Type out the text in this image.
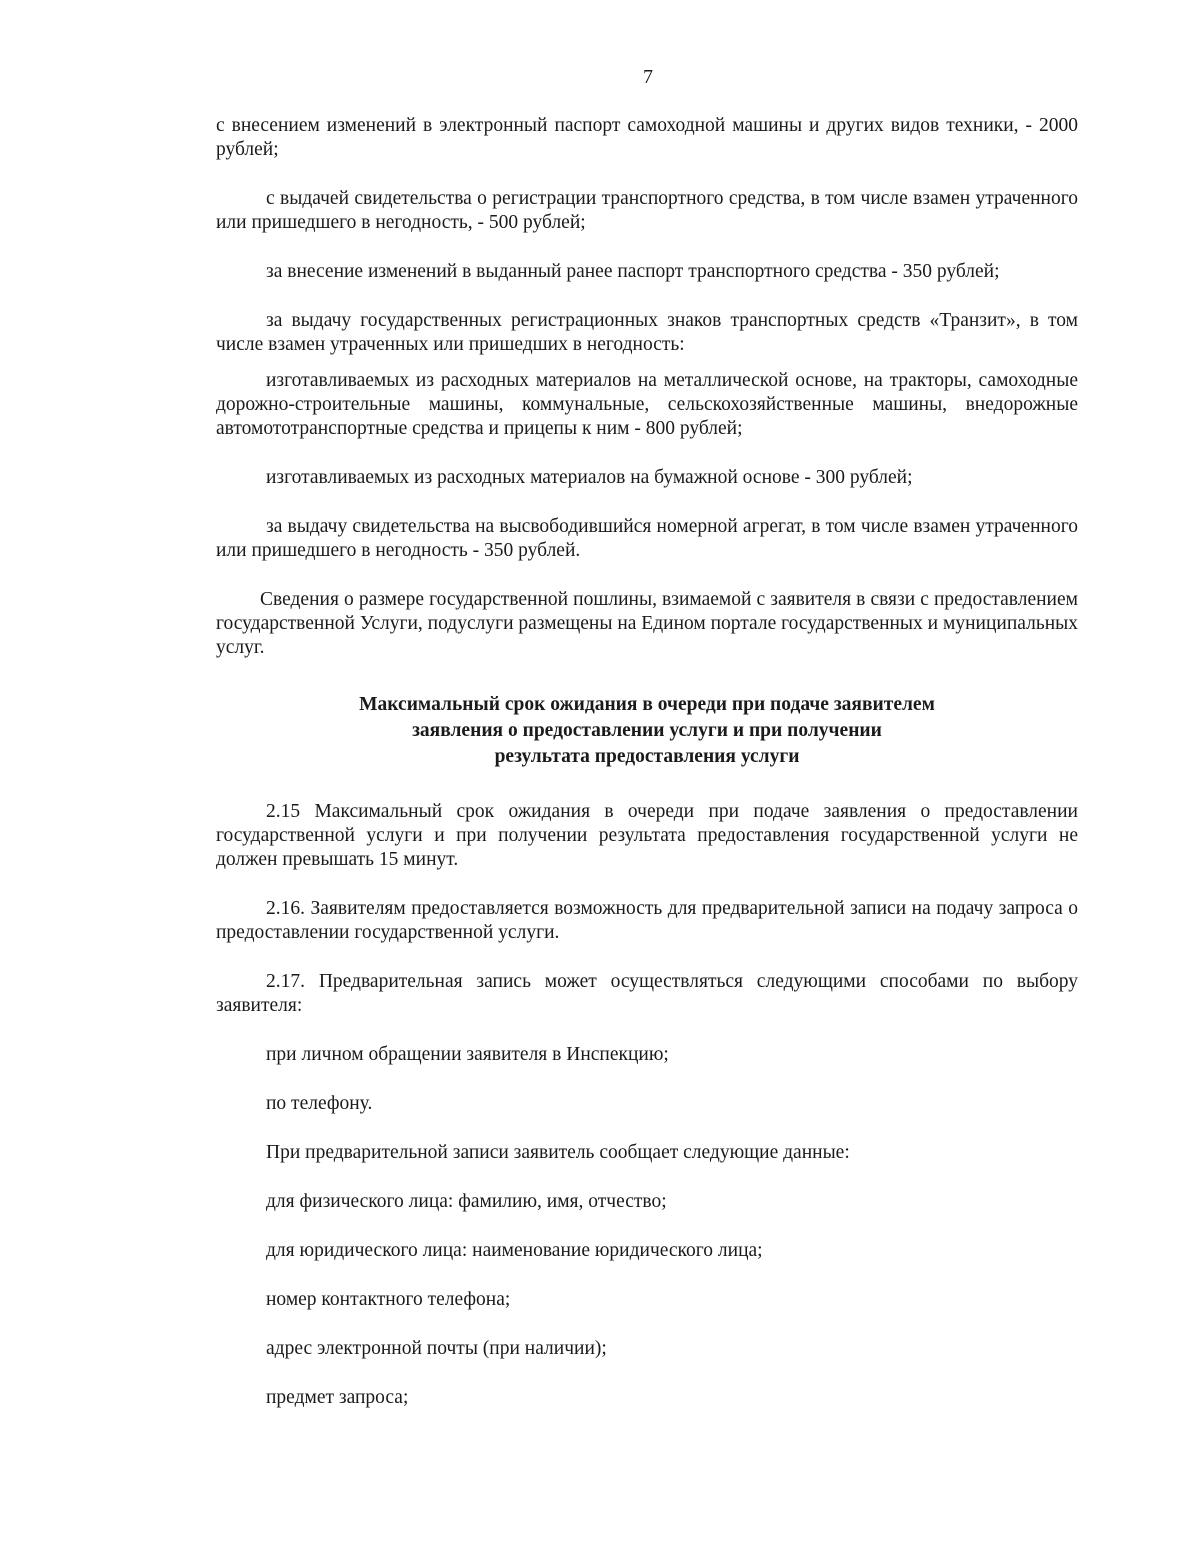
7

с внесением изменений в электронный паспорт самоходной машины и других видов техники, - 2000 рублей;

с выдачей свидетельства о регистрации транспортного средства, в том числе взамен утраченного или пришедшего в негодность, - 500 рублей;

за внесение изменений в выданный ранее паспорт транспортного средства - 350 рублей;

за выдачу государственных регистрационных знаков транспортных средств «Транзит», в том числе взамен утраченных или пришедших в негодность:

изготавливаемых из расходных материалов на металлической основе, на тракторы, самоходные дорожно-строительные машины, коммунальные, сельскохозяйственные машины, внедорожные автомототранспортные средства и прицепы к ним - 800 рублей;

изготавливаемых из расходных материалов на бумажной основе - 300 рублей;

за выдачу свидетельства на высвободившийся номерной агрегат, в том числе взамен утраченного или пришедшего в негодность - 350 рублей.

Сведения о размере государственной пошлины, взимаемой с заявителя в связи с предоставлением государственной Услуги, подуслуги размещены на Едином портале государственных и муниципальных услуг.

Максимальный срок ожидания в очереди при подаче заявителем
заявления о предоставлении услуги и при получении
результата предоставления услуги

2.15 Максимальный срок ожидания в очереди при подаче заявления о предоставлении государственной услуги и при получении результата предоставления государственной услуги не должен превышать 15 минут.

2.16. Заявителям предоставляется возможность для предварительной записи на подачу запроса о предоставлении государственной услуги.

2.17. Предварительная запись может осуществляться следующими способами по выбору заявителя:

при личном обращении заявителя в Инспекцию;

по телефону.

При предварительной записи заявитель сообщает следующие данные:

для физического лица: фамилию, имя, отчество;

для юридического лица: наименование юридического лица;

номер контактного телефона;

адрес электронной почты (при наличии);

предмет запроса;
